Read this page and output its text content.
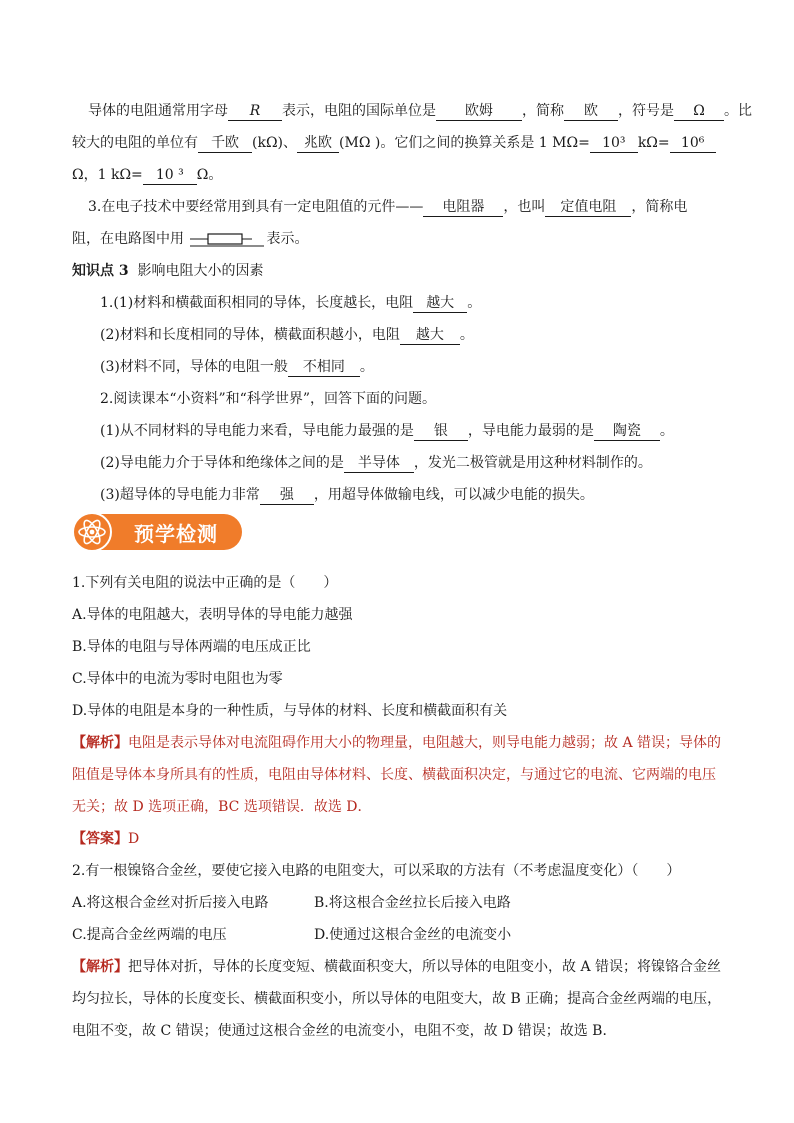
导体的电阻通常用字母 R 表示，电阻的国际单位是 欧姆 ，简称 欧 ，符号是 Ω 。比
较大的电阻的单位有 千欧 (kΩ)、 兆欧 (MΩ )。它们之间的换算关系是 1 MΩ= 10³ kΩ= 10⁶
Ω，1 kΩ= 10 ³ Ω。
3.在电子技术中要经常用到具有一定电阻值的元件—— 电阻器 ，也叫 定值电阻 ，简称电
阻，在电路图中用	表示。
知识点 3 影响电阻大小的因素
1.(1)材料和横截面积相同的导体，长度越长，电阻 越大 。
(2)材料和长度相同的导体，横截面积越小，电阻 越大 。
(3)材料不同，导体的电阻一般 不相同 。
2.阅读课本“小资料”和“科学世界”，回答下面的问题。
(1)从不同材料的导电能力来看，导电能力最强的是 银 ，导电能力最弱的是 陶瓷 。
(2)导电能力介于导体和绝缘体之间的是 半导体 ，发光二极管就是用这种材料制作的。
(3)超导体的导电能力非常 强 ，用超导体做输电线，可以减少电能的损失。
预学检测
1.下列有关电阻的说法中正确的是（　　）
A.导体的电阻越大，表明导体的导电能力越强
B.导体的电阻与导体两端的电压成正比
C.导体中的电流为零时电阻也为零
D.导体的电阻是本身的一种性质，与导体的材料、长度和横截面积有关
【解析】电阻是表示导体对电流阻碍作用大小的物理量，电阻越大，则导电能力越弱；故 A 错误；导体的
阻值是导体本身所具有的性质，电阻由导体材料、长度、横截面积决定，与通过它的电流、它两端的电压
无关；故 D 选项正确，BC 选项错误．故选 D．
【答案】D
2.有一根镍铬合金丝，要使它接入电路的电阻变大，可以采取的方法有（不考虑温度变化）（　　）
A.将这根合金丝对折后接入电路	B.将这根合金丝拉长后接入电路
C.提高合金丝两端的电压	D.使通过这根合金丝的电流变小
【解析】把导体对折，导体的长度变短、横截面积变大，所以导体的电阻变小，故 A 错误；将镍铬合金丝
均匀拉长，导体的长度变长、横截面积变小，所以导体的电阻变大，故 B 正确；提高合金丝两端的电压，
电阻不变，故 C 错误；使通过这根合金丝的电流变小，电阻不变，故 D 错误；故选 B．
